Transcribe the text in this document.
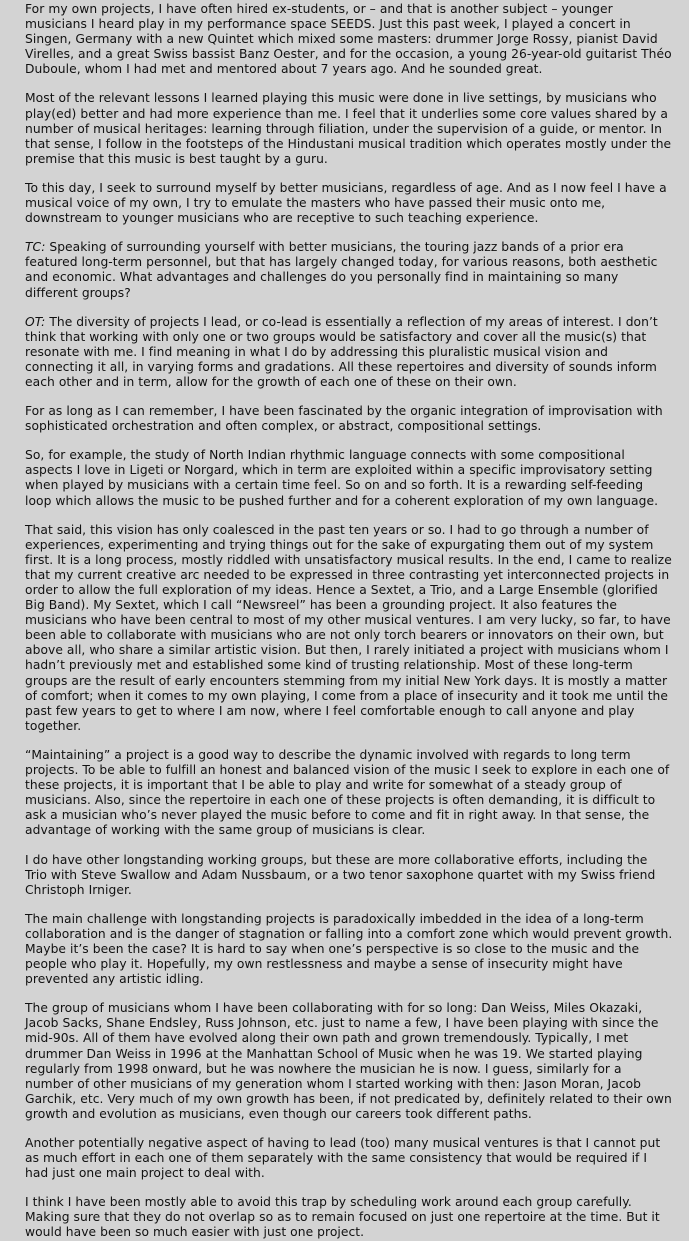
For my own projects, I have often hired ex-students, or – and that is another subject – younger musicians I heard play in my performance space SEEDS. Just this past week, I played a concert in Singen, Germany with a new Quintet which mixed some masters: drummer Jorge Rossy, pianist David Virelles, and a great Swiss bassist Banz Oester, and for the occasion, a young 26-year-old guitarist Théo Duboule, whom I had met and mentored about 7 years ago. And he sounded great.

Most of the relevant lessons I learned playing this music were done in live settings, by musicians who play(ed) better and had more experience than me. I feel that it underlies some core values shared by a number of musical heritages: learning through filiation, under the supervision of a guide, or mentor. In that sense, I follow in the footsteps of the Hindustani musical tradition which operates mostly under the premise that this music is best taught by a guru.

To this day, I seek to surround myself by better musicians, regardless of age. And as I now feel I have a musical voice of my own, I try to emulate the masters who have passed their music onto me, downstream to younger musicians who are receptive to such teaching experience.

TC: Speaking of surrounding yourself with better musicians, the touring jazz bands of a prior era featured long-term personnel, but that has largely changed today, for various reasons, both aesthetic and economic. What advantages and challenges do you personally find in maintaining so many different groups?

OT: The diversity of projects I lead, or co-lead is essentially a reflection of my areas of interest. I don’t think that working with only one or two groups would be satisfactory and cover all the music(s) that resonate with me. I find meaning in what I do by addressing this pluralistic musical vision and connecting it all, in varying forms and gradations. All these repertoires and diversity of sounds inform each other and in term, allow for the growth of each one of these on their own.

For as long as I can remember, I have been fascinated by the organic integration of improvisation with sophisticated orchestration and often complex, or abstract, compositional settings.

So, for example, the study of North Indian rhythmic language connects with some compositional aspects I love in Ligeti or Norgard, which in term are exploited within a specific improvisatory setting when played by musicians with a certain time feel. So on and so forth. It is a rewarding self-feeding loop which allows the music to be pushed further and for a coherent exploration of my own language.

That said, this vision has only coalesced in the past ten years or so. I had to go through a number of experiences, experimenting and trying things out for the sake of expurgating them out of my system first. It is a long process, mostly riddled with unsatisfactory musical results. In the end, I came to realize that my current creative arc needed to be expressed in three contrasting yet interconnected projects in order to allow the full exploration of my ideas. Hence a Sextet, a Trio, and a Large Ensemble (glorified Big Band). My Sextet, which I call “Newsreel” has been a grounding project. It also features the musicians who have been central to most of my other musical ventures. I am very lucky, so far, to have been able to collaborate with musicians who are not only torch bearers or innovators on their own, but above all, who share a similar artistic vision. But then, I rarely initiated a project with musicians whom I hadn’t previously met and established some kind of trusting relationship. Most of these long-term groups are the result of early encounters stemming from my initial New York days. It is mostly a matter of comfort; when it comes to my own playing, I come from a place of insecurity and it took me until the past few years to get to where I am now, where I feel comfortable enough to call anyone and play together.

“Maintaining” a project is a good way to describe the dynamic involved with regards to long term projects. To be able to fulfill an honest and balanced vision of the music I seek to explore in each one of these projects, it is important that I be able to play and write for somewhat of a steady group of musicians. Also, since the repertoire in each one of these projects is often demanding, it is difficult to ask a musician who’s never played the music before to come and fit in right away. In that sense, the advantage of working with the same group of musicians is clear.

I do have other longstanding working groups, but these are more collaborative efforts, including the Trio with Steve Swallow and Adam Nussbaum, or a two tenor saxophone quartet with my Swiss friend Christoph Irniger.

The main challenge with longstanding projects is paradoxically imbedded in the idea of a long-term collaboration and is the danger of stagnation or falling into a comfort zone which would prevent growth. Maybe it’s been the case? It is hard to say when one’s perspective is so close to the music and the people who play it. Hopefully, my own restlessness and maybe a sense of insecurity might have prevented any artistic idling.

The group of musicians whom I have been collaborating with for so long: Dan Weiss, Miles Okazaki, Jacob Sacks, Shane Endsley, Russ Johnson, etc. just to name a few, I have been playing with since the mid-90s. All of them have evolved along their own path and grown tremendously. Typically, I met drummer Dan Weiss in 1996 at the Manhattan School of Music when he was 19. We started playing regularly from 1998 onward, but he was nowhere the musician he is now. I guess, similarly for a number of other musicians of my generation whom I started working with then: Jason Moran, Jacob Garchik, etc. Very much of my own growth has been, if not predicated by, definitely related to their own growth and evolution as musicians, even though our careers took different paths.

Another potentially negative aspect of having to lead (too) many musical ventures is that I cannot put as much effort in each one of them separately with the same consistency that would be required if I had just one main project to deal with.

I think I have been mostly able to avoid this trap by scheduling work around each group carefully. Making sure that they do not overlap so as to remain focused on just one repertoire at the time. But it would have been so much easier with just one project.
